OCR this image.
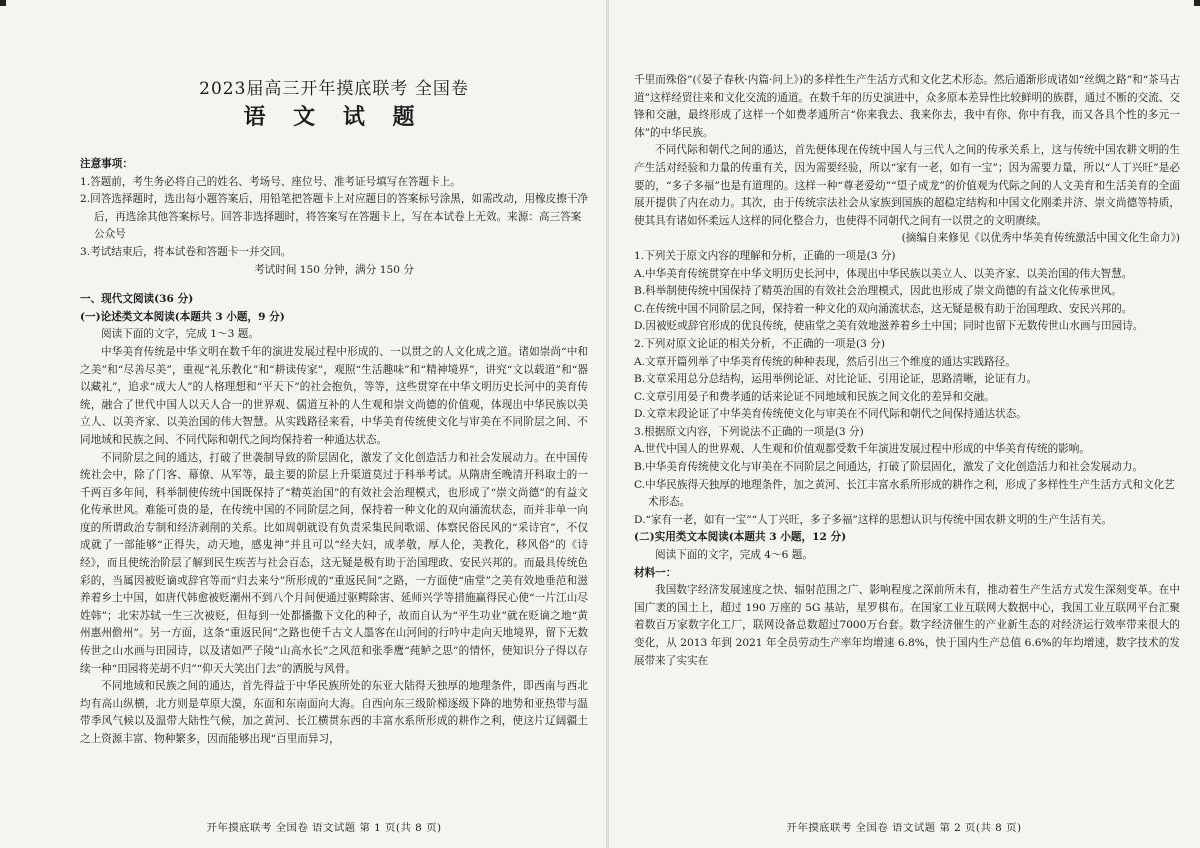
2023届高三开年摸底联考 全国卷

语 文 试 题

注意事项：

1.答题前，考生务必将自己的姓名、考场号、座位号、准考证号填写在答题卡上。

2.回答选择题时，选出每小题答案后，用铅笔把答题卡上对应题目的答案标号涂黑，如需改动，用橡皮擦干净后，再选涂其他答案标号。回答非选择题时，将答案写在答题卡上，写在本试卷上无效。来源：高三答案公众号

3.考试结束后，将本试卷和答题卡一并交回。

考试时间 150 分钟，满分 150 分

一、现代文阅读(36 分)

(一)论述类文本阅读(本题共 3 小题，9 分)

阅读下面的文字，完成 1～3 题。

中华美育传统是中华文明在数千年的演进发展过程中形成的、一以贯之的人文化成之道。诸如崇尚“中和之美”和“尽善尽美”，重视“礼乐教化”和“耕读传家”，观照“生活趣味”和“精神境界”，讲究“文以载道”和“器以藏礼”，追求“成大人”的人格理想和“平天下”的社会抱负，等等，这些贯穿在中华文明历史长河中的美育传统，融合了世代中国人以天人合一的世界观、儒道互补的人生观和崇文尚德的价值观，体现出中华民族以美立人、以美齐家、以美治国的伟大智慧。从实践路径来看，中华美育传统使文化与审美在不同阶层之间、不同地域和民族之间、不同代际和朝代之间均保持着一种通达状态。

不同阶层之间的通达，打破了世袭制导致的阶层固化，激发了文化创造活力和社会发展动力。在中国传统社会中，除了门客、幕僚、从军等，最主要的阶层上升渠道莫过于科举考试。从隋唐至晚清开科取士的一千两百多年间，科举制使传统中国既保持了“精英治国”的有效社会治理模式，也形成了“崇文尚德”的有益文化传承世风。难能可贵的是，在传统中国的不同阶层之间，保持着一种文化的双向涌流状态，而并非单一向度的所谓政治专制和经济剥削的关系。比如周朝就设有负责采集民间歌谣、体察民俗民风的“采诗官”，不仅成就了一部能够“正得失，动天地，感鬼神”并且可以“经夫妇，成孝敬，厚人伦，美教化，移风俗”的《诗经》，而且使统治阶层了解到民生疾苦与社会百态，这无疑是极有助于治国理政、安民兴邦的。而最具传统色彩的，当属因被贬谪或辞官等而“归去来兮”所形成的“重返民间”之路，一方面使“庙堂”之美有效地垂范和滋养着乡土中国，如唐代韩愈被贬潮州不到八个月间便通过驱鳄除害、延师兴学等措施赢得民心使“一片江山尽姓韩”；北宋苏轼一生三次被贬，但每到一处都播撒下文化的种子，故而自认为“平生功业”就在贬谪之地“黄州惠州儋州”。另一方面，这条“重返民间”之路也使千古文人墨客在山河间的行吟中走向天地境界，留下无数传世之山水画与田园诗，以及诸如严子陵“山高水长”之风范和张季鹰“莼鲈之思”的情怀，使知识分子得以存续一种“田园将芜胡不归”“仰天大笑出门去”的洒脱与风骨。

不同地域和民族之间的通达，首先得益于中华民族所处的东亚大陆得天独厚的地理条件，即西南与西北均有高山纵横，北方则是草原大漠，东面和东南面向大海。自西向东三级阶梯逐级下降的地势和亚热带与温带季风气候以及温带大陆性气候，加之黄河、长江横贯东西的丰富水系所形成的耕作之利，使这片辽阔疆土之上资源丰富、物种繁多，因而能够出现“百里而异习，

千里而殊俗”(《晏子春秋·内篇·问上》)的多样性生产生活方式和文化艺术形态。然后通渐形成诸如“丝绸之路”和“茶马古道”这样经贸往来和文化交流的通道。在数千年的历史演进中，众多原本差异性比较鲜明的族群，通过不断的交流、交锋和交融，最终形成了这样一个如费孝通所言“你来我去、我来你去，我中有你、你中有我，而又各具个性的多元一体”的中华民族。

不同代际和朝代之间的通达，首先便体现在传统中国人与三代人之间的传承关系上，这与传统中国农耕文明的生产生活对经验和力量的传重有关，因为需要经验，所以“家有一老，如有一宝”；因为需要力量，所以“人丁兴旺”是必要的，“多子多福”也是有道理的。这样一种“尊老爱幼”“望子成龙”的价值观为代际之间的人文美育和生活美育的全面展开提供了内在动力。其次，由于传统宗法社会从家族到国族的超稳定结构和中国文化刚柔并济、崇文尚德等特质，使其具有诸如怀柔远人这样的同化整合力，也使得不同朝代之间有一以贯之的文明赓续。

(摘编自来修见《以优秀中华美育传统激活中国文化生命力》)

1.下列关于原文内容的理解和分析，正确的一项是(3 分)

A.中华美育传统贯穿在中华文明历史长河中，体现出中华民族以美立人、以美齐家、以美治国的伟大智慧。

B.科举制使传统中国保持了精英治国的有效社会治理模式，因此也形成了崇文尚德的有益文化传承世风。

C.在传统中国不同阶层之间，保持着一种文化的双向涌流状态，这无疑是极有助于治国理政、安民兴邦的。

D.因被贬或辞官形成的优良传统，使庙堂之美有效地滋养着乡土中国；同时也留下无数传世山水画与田园诗。

2.下列对原文论证的相关分析，不正确的一项是(3 分)

A.文章开篇列举了中华美育传统的种种表现，然后引出三个维度的通达实践路径。

B.文章采用总分总结构，运用举例论证、对比论证、引用论证，思路清晰，论证有力。

C.文章引用晏子和费孝通的话来论证不同地域和民族之间文化的差异和交融。

D.文章末段论证了中华美育传统使文化与审美在不同代际和朝代之间保持通达状态。

3.根据原文内容，下列说法不正确的一项是(3 分)

A.世代中国人的世界观、人生观和价值观都受数千年演进发展过程中形成的中华美育传统的影响。

B.中华美育传统使文化与审美在不同阶层之间通达，打破了阶层固化，激发了文化创造活力和社会发展动力。

C.中华民族得天独厚的地理条件，加之黄河、长江丰富水系所形成的耕作之利，形成了多样性生产生活方式和文化艺术形态。

D.“家有一老，如有一宝”“人丁兴旺，多子多福”这样的思想认识与传统中国农耕文明的生产生活有关。

(二)实用类文本阅读(本题共 3 小题，12 分)

阅读下面的文字，完成 4～6 题。

材料一：

我国数字经济发展速度之快、辐射范围之广、影响程度之深前所未有，推动着生产生活方式发生深刻变革。在中国广袤的国土上，超过 190 万座的 5G 基站，星罗棋布。在国家工业互联网大数据中心，我国工业互联网平台汇聚着数百万家数字化工厂，联网设备总数超过7000万台套。数字经济催生的产业新生态的对经济运行效率带来很大的变化，从 2013 年到 2021 年全员劳动生产率年均增速 6.8%，快于国内生产总值 6.6%的年均增速，数字技术的发展带来了实实在

开年摸底联考 全国卷 语文试题 第 1 页(共 8 页)	开年摸底联考 全国卷 语文试题 第 2 页(共 8 页)
